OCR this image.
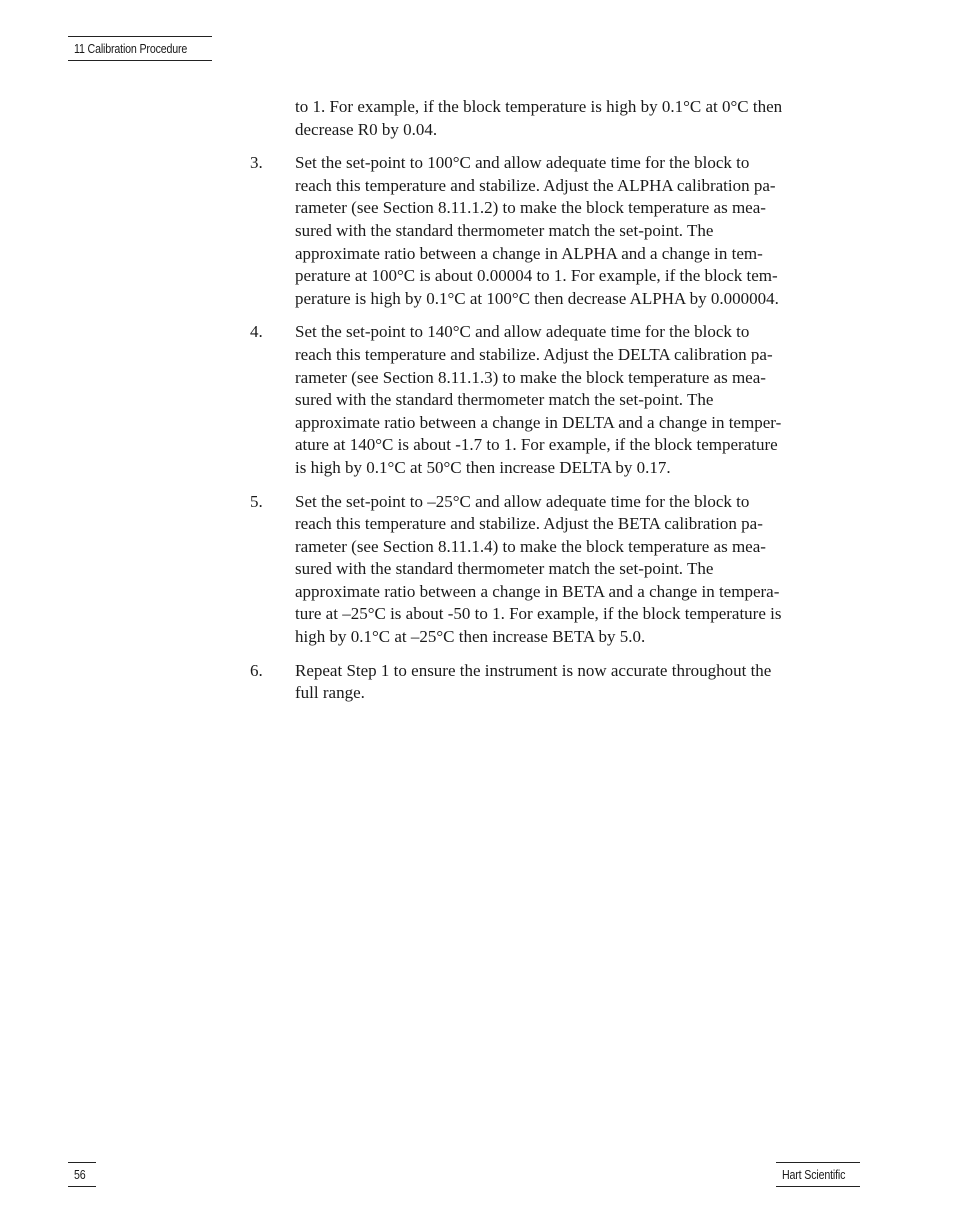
11 Calibration Procedure
to 1. For example, if the block temperature is high by 0.1°C at 0°C then
decrease R0 by 0.04.
3.	Set the set-point to 100°C and allow adequate time for the block to
reach this temperature and stabilize. Adjust the ALPHA calibration pa-
rameter (see Section 8.11.1.2) to make the block temperature as mea-
sured with the standard thermometer match the set-point. The
approximate ratio between a change in ALPHA and a change in tem-
perature at 100°C is about 0.00004 to 1. For example, if the block tem-
perature is high by 0.1°C at 100°C then decrease ALPHA by 0.000004.
4.	Set the set-point to 140°C and allow adequate time for the block to
reach this temperature and stabilize. Adjust the DELTA calibration pa-
rameter (see Section 8.11.1.3) to make the block temperature as mea-
sured with the standard thermometer match the set-point. The
approximate ratio between a change in DELTA and a change in temper-
ature at 140°C is about -1.7 to 1. For example, if the block temperature
is high by 0.1°C at 50°C then increase DELTA by 0.17.
5.	Set the set-point to –25°C and allow adequate time for the block to
reach this temperature and stabilize. Adjust the BETA calibration pa-
rameter (see Section 8.11.1.4) to make the block temperature as mea-
sured with the standard thermometer match the set-point. The
approximate ratio between a change in BETA and a change in tempera-
ture at –25°C is about -50 to 1. For example, if the block temperature is
high by 0.1°C at –25°C then increase BETA by 5.0.
6.	Repeat Step 1 to ensure the instrument is now accurate throughout the
full range.
56	Hart Scientific
